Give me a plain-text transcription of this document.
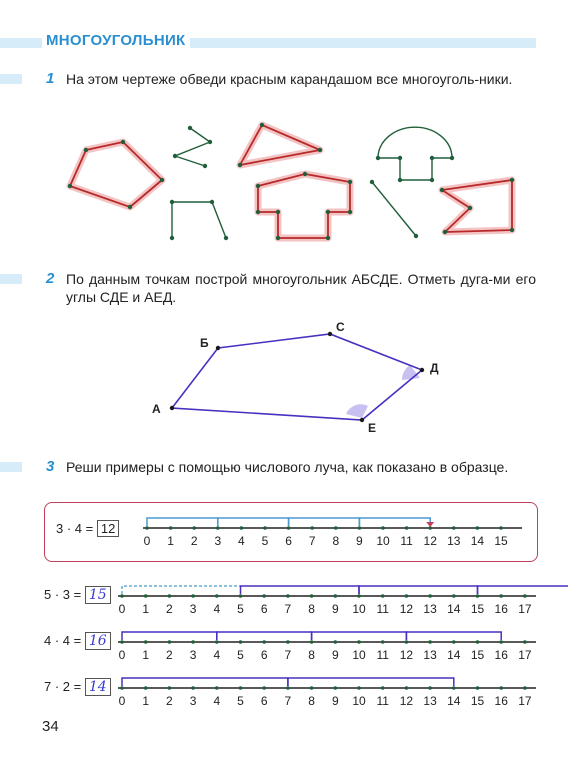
МНОГОУГОЛЬНИК
1 На этом чертеже обведи красным карандашом все многоуголь-ники.
2 По данным точкам построй многоугольник АБСДЕ. Отметь дуга-ми его углы СДЕ и АЕД.
А
Б
С
Д
Е
3 Реши примеры с помощью числового луча, как показано в образце.
3 · 4 = 12
5 · 3 = 15
4 · 4 = 16
7 · 2 = 14
0 1 2 3 4 5 6 7 8 9 10 11 12 13 14 15
0 1 2 3 4 5 6 7 8 9 10 11 12 13 14 15 16 17
0 1 2 3 4 5 6 7 8 9 10 11 12 13 14 15 16 17
0 1 2 3 4 5 6 7 8 9 10 11 12 13 14 15 16 17
34
